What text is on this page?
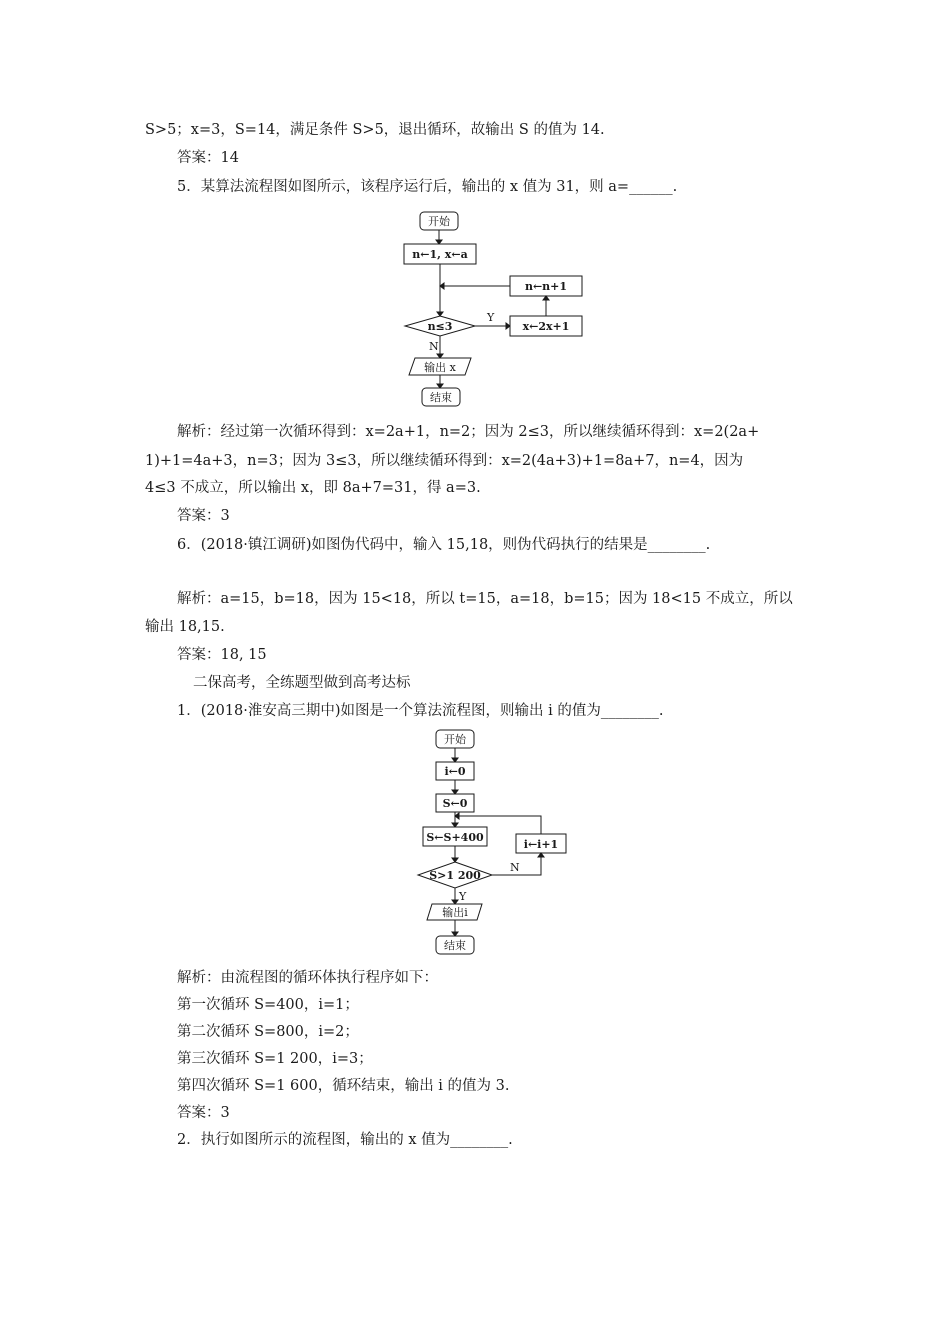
S>5；x=3，S=14，满足条件 S>5，退出循环，故输出 S 的值为 14.
答案：14
5．某算法流程图如图所示，该程序运行后，输出的 x 值为 31，则 a=______.
开始
n←1, x←a
n←n+1
n≤3
Y
x←2x+1
N
输出 x
结束
解析：经过第一次循环得到：x=2a+1，n=2；因为 2≤3，所以继续循环得到：x=2(2a+
1)+1=4a+3，n=3；因为 3≤3，所以继续循环得到：x=2(4a+3)+1=8a+7，n=4，因为
4≤3 不成立，所以输出 x，即 8a+7=31，得 a=3.
答案：3
6．(2018·镇江调研)如图伪代码中，输入 15,18，则伪代码执行的结果是________.
解析：a=15，b=18，因为 15<18，所以 t=15，a=18，b=15；因为 18<15 不成立，所以
输出 18,15.
答案：18, 15
二保高考，全练题型做到高考达标
1．(2018·淮安高三期中)如图是一个算法流程图，则输出 i 的值为________.
开始
i←0
S←0
S←S+400
i←i+1
S>1 200
N
Y
输出i
结束
解析：由流程图的循环体执行程序如下：
第一次循环 S=400，i=1；
第二次循环 S=800，i=2；
第三次循环 S=1 200，i=3；
第四次循环 S=1 600，循环结束，输出 i 的值为 3.
答案：3
2．执行如图所示的流程图，输出的 x 值为________.
